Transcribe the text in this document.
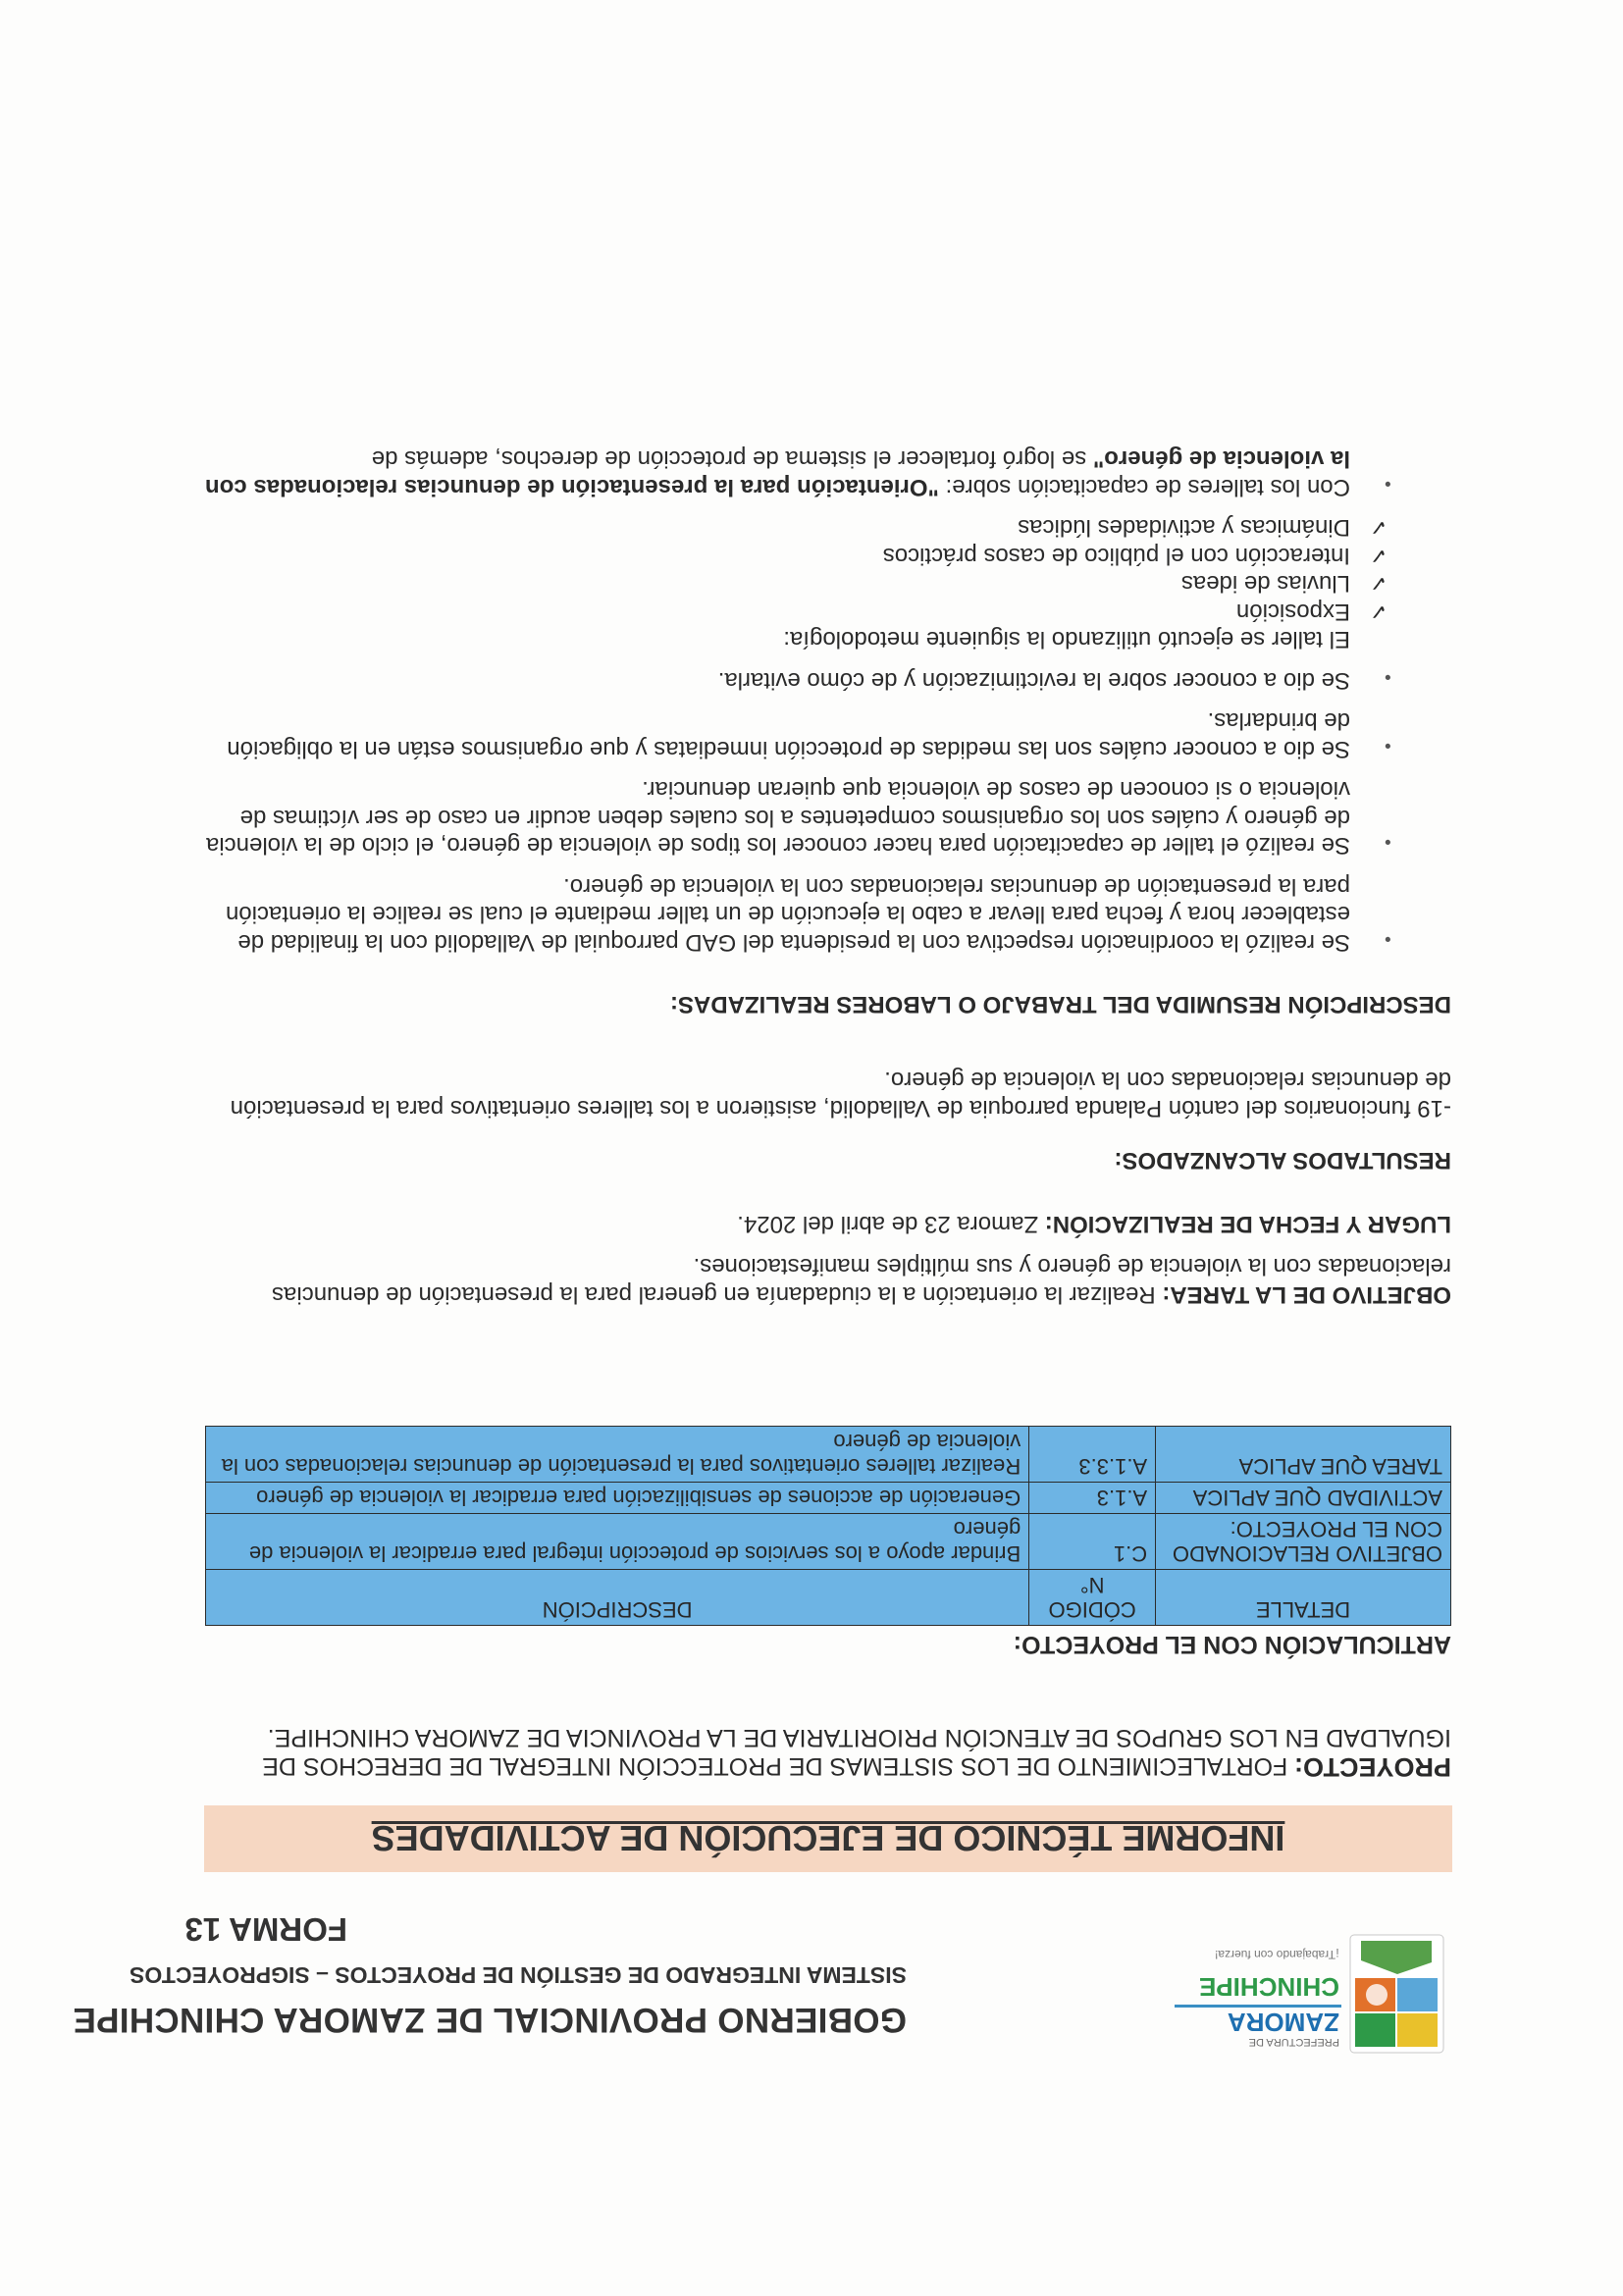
PREFECTURA DE
ZAMORA
CHINCHIPE
¡Trabajando con fuerza!
GOBIERNO PROVINCIAL DE ZAMORA CHINCHIPE
SISTEMA INTEGRADO DE GESTIÓN DE PROYECTOS – SIGPROYECTOS
FORMA 13
INFORME TÉCNICO DE EJECUCIÓN DE ACTIVIDADES

PROYECTO: FORTALECIMIENTO DE LOS SISTEMAS DE PROTECCIÓN INTEGRAL DE DERECHOS DE IGUALDAD EN LOS GRUPOS DE ATENCIÓN PRIORITARIA DE LA PROVINCIA DE ZAMORA CHINCHIPE.

ARTICULACIÓN CON EL PROYECTO:

DETALLE	CÓDIGO N°	DESCRIPCIÓN
OBJETIVO RELACIONADO CON EL PROYECTO:	C.1	Brindar apoyo a los servicios de protección integral para erradicar la violencia de género
ACTIVIDAD QUE APLICA	A.1.3	Generación de acciones de sensibilización para erradicar la violencia de género
TAREA QUE APLICA	A.1.3.3	Realizar talleres orientativos para la presentación de denuncias relacionadas con la violencia de género

OBJETIVO DE LA TAREA: Realizar la orientación a la ciudadanía en general para la presentación de denuncias relacionadas con la violencia de género y sus múltiples manifestaciones.

LUGAR Y FECHA DE REALIZACIÓN: Zamora 23 de abril del 2024.

RESULTADOS ALCANZADOS:

-19 funcionarios del cantón Palanda parroquia de Valladolid, asistieron a los talleres orientativos para la presentación de denuncias relacionadas con la violencia de género.

DESCRIPCIÓN RESUMIDA DEL TRABAJO O LABORES REALIZADAS:

● Se realizó la coordinación respectiva con la presidenta del GAD parroquial de Valladolid con la finalidad de establecer hora y fecha para llevar a cabo la ejecución de un taller mediante el cual se realice la orientación para la presentación de denuncias relacionadas con la violencia de género.
● Se realizó el taller de capacitación para hacer conocer los tipos de violencia de género, el ciclo de la violencia de género y cuáles son los organismos competentes a los cuales deben acudir en caso de ser víctimas de violencia o si conocen de casos de violencia que quieran denunciar.
● Se dio a conocer cuáles son las medidas de protección inmediatas y que organismos están en la obligación de brindarlas.
● Se dio a conocer sobre la revictimización y de cómo evitarla.

El taller se ejecutó utilizando la siguiente metodología:

✓ Exposición
✓ Lluvias de ideas
✓ Interacción con el público de casos prácticos
✓ Dinámicas y actividades lúdicas
● Con los talleres de capacitación sobre: "Orientación para la presentación de denuncias relacionadas con la violencia de género" se logró fortalecer el sistema de protección de derechos, además de
